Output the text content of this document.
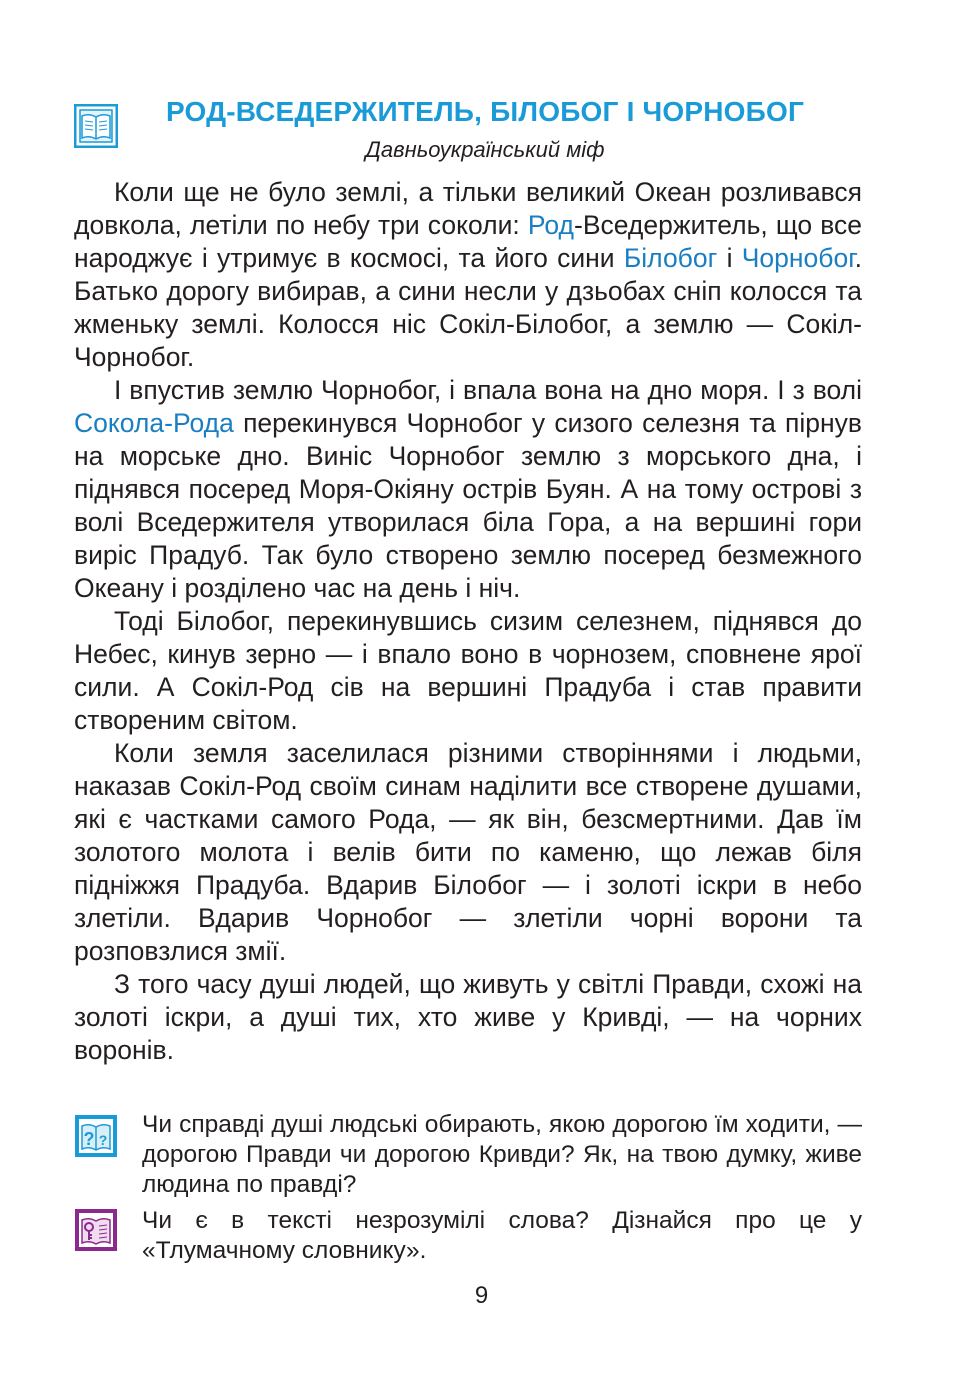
РОД-ВСЕДЕРЖИТЕЛЬ, БІЛОБОГ І ЧОРНОБОГ

Давньоукраїнський міф

Коли ще не було землі, а тільки великий Океан розливався довкола, летіли по небу три соколи: Род-Вседержитель, що все народжує і утримує в космосі, та його сини Білобог і Чорнобог. Батько дорогу вибирав, а сини несли у дзьобах сніп колосся та жменьку землі. Колосся ніс Сокіл-Білобог, а землю — Сокіл-Чорнобог.

І впустив землю Чорнобог, і впала вона на дно моря. І з волі Сокола-Рода перекинувся Чорнобог у сизого селезня та пірнув на морське дно. Виніс Чорнобог землю з морського дна, і піднявся посеред Моря-Окіяну острів Буян. А на тому острові з волі Вседержителя утворилася біла Гора, а на вершині гори виріс Прадуб. Так було створено землю посеред безмежного Океану і розділено час на день і ніч.

Тоді Білобог, перекинувшись сизим селезнем, піднявся до Небес, кинув зерно — і впало воно в чорнозем, сповнене ярої сили. А Сокіл-Род сів на вершині Прадуба і став правити створеним світом.

Коли земля заселилася різними створіннями і людьми, наказав Сокіл-Род своїм синам наділити все створене душами, які є частками самого Рода, — як він, безсмертними. Дав їм золотого молота і велів бити по каменю, що лежав біля підніжжя Прадуба. Вдарив Білобог — і золоті іскри в небо злетіли. Вдарив Чорнобог — злетіли чорні ворони та розповзлися змії.

З того часу душі людей, що живуть у світлі Правди, схожі на золоті іскри, а душі тих, хто живе у Кривді, — на чорних воронів.

? ?

Чи справді душі людські обирають, якою дорогою їм ходити, — дорогою Правди чи дорогою Кривди? Як, на твою думку, живе людина по правді?

Чи є в тексті незрозумілі слова? Дізнайся про це у «Тлумачному словнику».

9
